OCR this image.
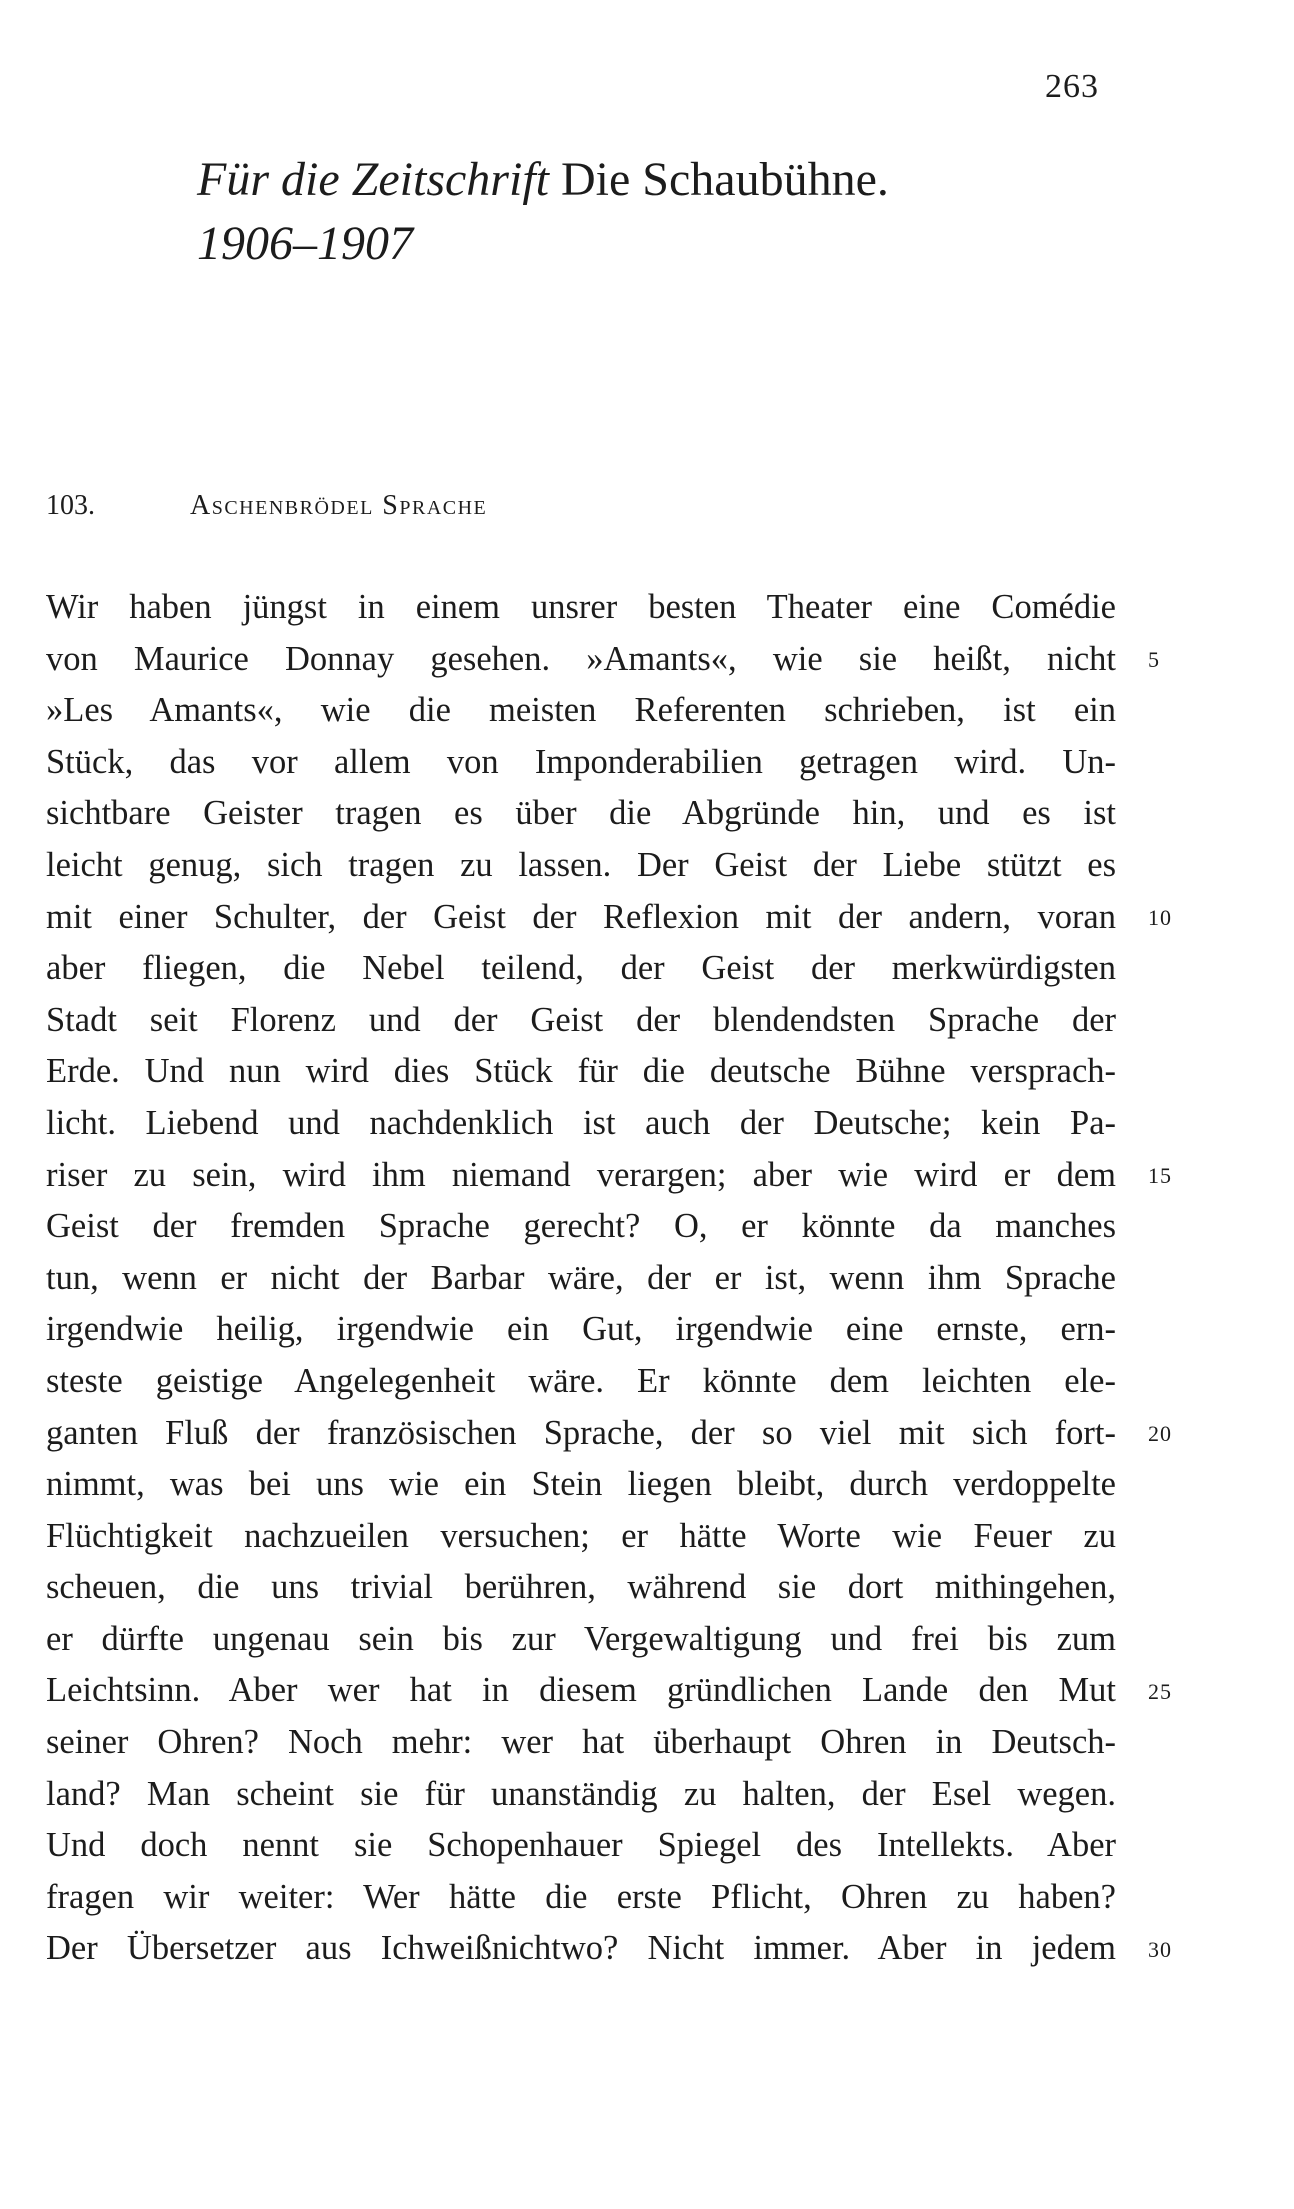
263
Für die Zeitschrift Die Schaubühne.
1906–1907
103.	Aschenbrödel Sprache
Wir haben jüngst in einem unsrer besten Theater eine Comédie
von Maurice Donnay gesehen. »Amants«, wie sie heißt, nicht
»Les Amants«, wie die meisten Referenten schrieben, ist ein
Stück, das vor allem von Imponderabilien getragen wird. Un-
sichtbare Geister tragen es über die Abgründe hin, und es ist
leicht genug, sich tragen zu lassen. Der Geist der Liebe stützt es
mit einer Schulter, der Geist der Reflexion mit der andern, voran
aber fliegen, die Nebel teilend, der Geist der merkwürdigsten
Stadt seit Florenz und der Geist der blendendsten Sprache der
Erde. Und nun wird dies Stück für die deutsche Bühne versprach-
licht. Liebend und nachdenklich ist auch der Deutsche; kein Pa-
riser zu sein, wird ihm niemand verargen; aber wie wird er dem
Geist der fremden Sprache gerecht? O, er könnte da manches
tun, wenn er nicht der Barbar wäre, der er ist, wenn ihm Sprache
irgendwie heilig, irgendwie ein Gut, irgendwie eine ernste, ern-
steste geistige Angelegenheit wäre. Er könnte dem leichten ele-
ganten Fluß der französischen Sprache, der so viel mit sich fort-
nimmt, was bei uns wie ein Stein liegen bleibt, durch verdoppelte
Flüchtigkeit nachzueilen versuchen; er hätte Worte wie Feuer zu
scheuen, die uns trivial berühren, während sie dort mithingehen,
er dürfte ungenau sein bis zur Vergewaltigung und frei bis zum
Leichtsinn. Aber wer hat in diesem gründlichen Lande den Mut
seiner Ohren? Noch mehr: wer hat überhaupt Ohren in Deutsch-
land? Man scheint sie für unanständig zu halten, der Esel wegen.
Und doch nennt sie Schopenhauer Spiegel des Intellekts. Aber
fragen wir weiter: Wer hätte die erste Pflicht, Ohren zu haben?
Der Übersetzer aus Ichweißnichtwo? Nicht immer. Aber in jedem
5
10
15
20
25
30
